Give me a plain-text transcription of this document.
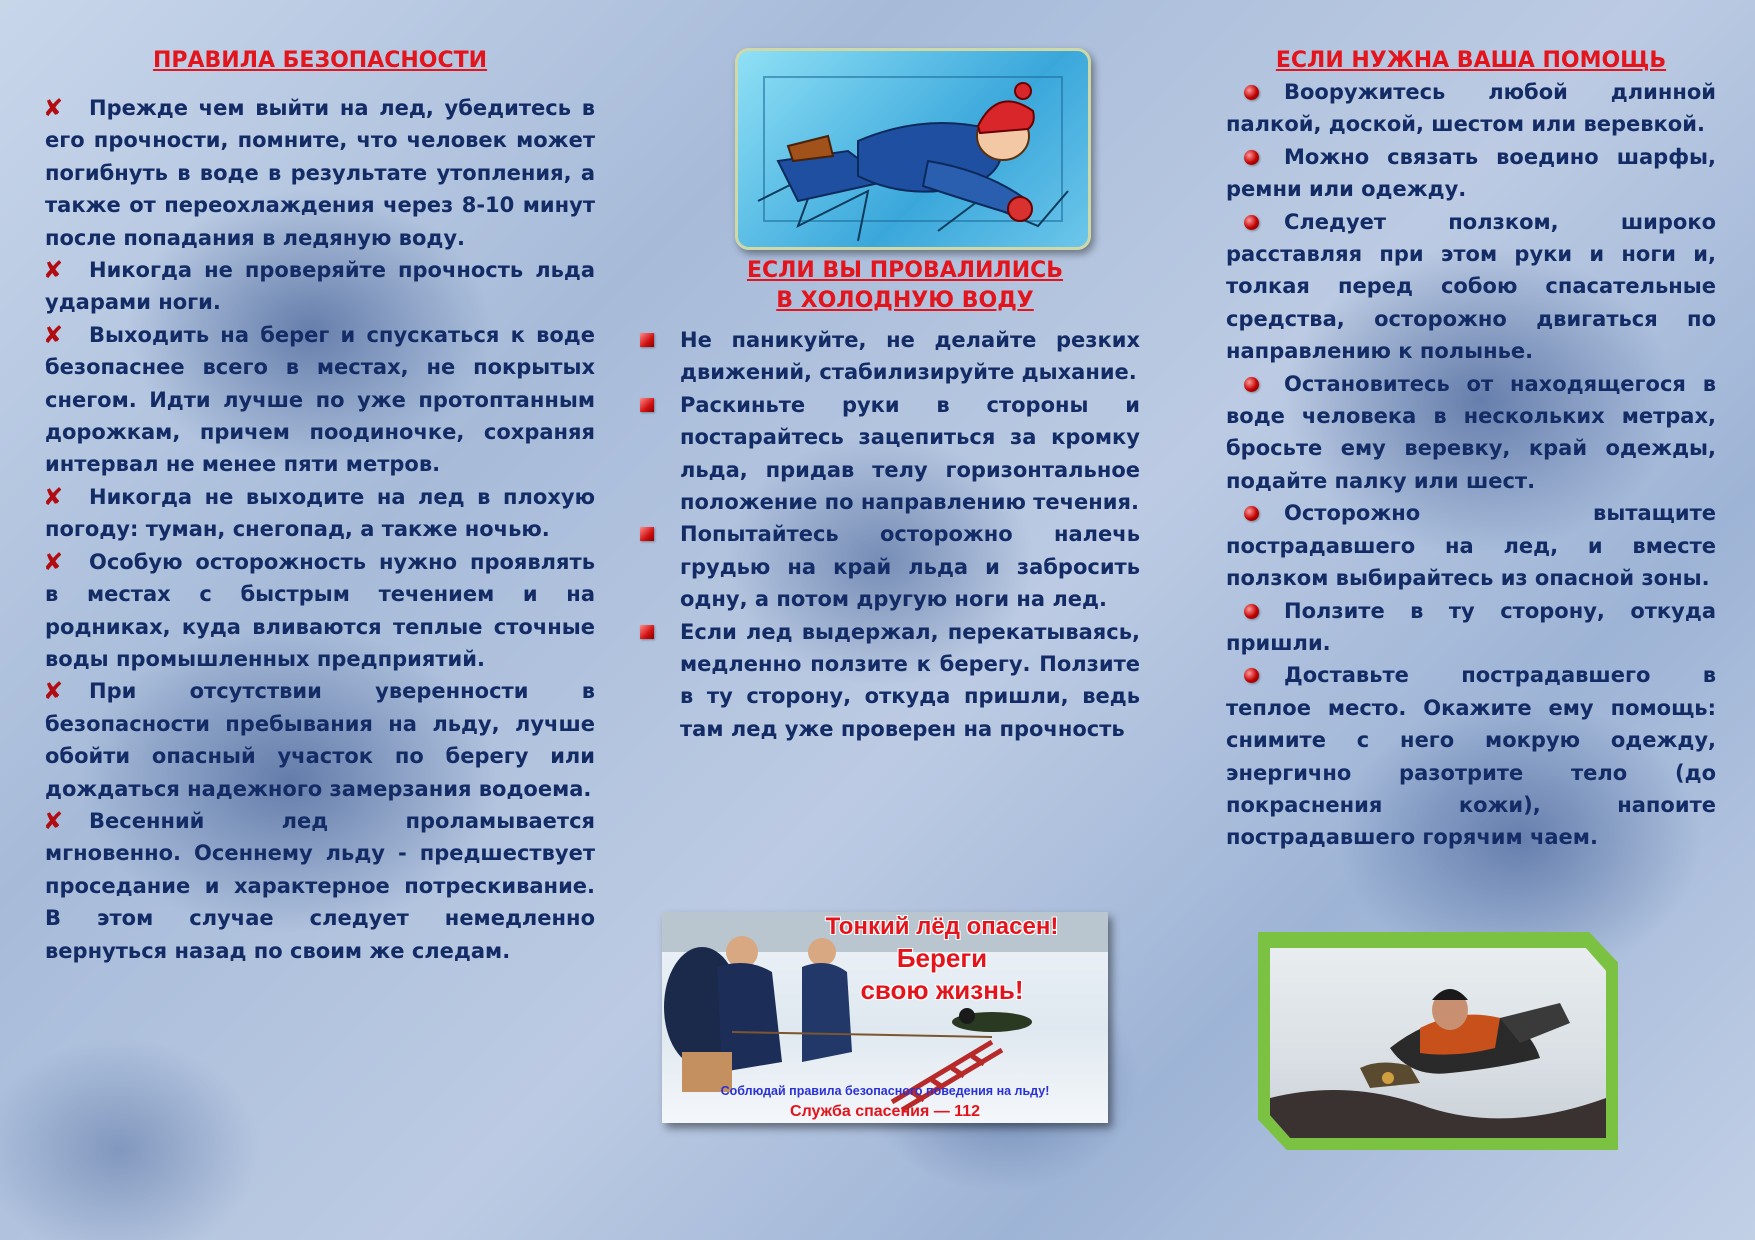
ПРАВИЛА БЕЗОПАСНОСТИ

✘ Прежде чем выйти на лед, убедитесь в его прочности, помните, что человек может погибнуть в воде в результате утопления, а также от переохлаждения через 8-10 минут после попадания в ледяную воду.

✘ Никогда не проверяйте прочность льда ударами ноги.

✘ Выходить на берег и спускаться к воде безопаснее всего в местах, не покрытых снегом. Идти лучше по уже протоптанным дорожкам, причем поодиночке, сохраняя интервал не менее пяти метров.

✘ Никогда не выходите на лед в плохую погоду: туман, снегопад, а также ночью.

✘ Особую осторожность нужно проявлять в местах с быстрым течением и на родниках, куда вливаются теплые сточные воды промышленных предприятий.

✘ При отсутствии уверенности в безопасности пребывания на льду, лучше обойти опасный участок по берегу или дождаться надежного замерзания водоема.

✘ Весенний лед проламывается мгновенно. Осеннему льду - предшествует проседание и характерное потрескивание. В этом случае следует немедленно вернуться назад по своим же следам.

ЕСЛИ ВЫ ПРОВАЛИЛИСЬ
В ХОЛОДНУЮ ВОДУ

Не паникуйте, не делайте резких движений, стабилизируйте дыхание.

Раскиньте руки в стороны и постарайтесь зацепиться за кромку льда, придав телу горизонтальное положение по направлению течения.

Попытайтесь осторожно налечь грудью на край льда и забросить одну, а потом другую ноги на лед.

Если лед выдержал, перекатываясь, медленно ползите к берегу. Ползите в ту сторону, откуда пришли, ведь там лед уже проверен на прочность

Тонкий лёд опасен!
Береги
свою жизнь!
Соблюдай правила безопасного поведения на льду!
Служба спасения — 112
ЕСЛИ НУЖНА ВАША ПОМОЩЬ

Вооружитесь любой длинной палкой, доской, шестом или веревкой.

Можно связать воедино шарфы, ремни или одежду.

Следует ползком, широко расставляя при этом руки и ноги и, толкая перед собою спасательные средства, осторожно двигаться по направлению к полынье.

Остановитесь от находящегося в воде человека в нескольких метрах, бросьте ему веревку, край одежды, подайте палку или шест.

Осторожно вытащите пострадавшего на лед, и вместе ползком выбирайтесь из опасной зоны.

Ползите в ту сторону, откуда пришли.

Доставьте пострадавшего в теплое место. Окажите ему помощь: снимите с него мокрую одежду, энергично разотрите тело (до покраснения кожи), напоите пострадавшего горячим чаем.
